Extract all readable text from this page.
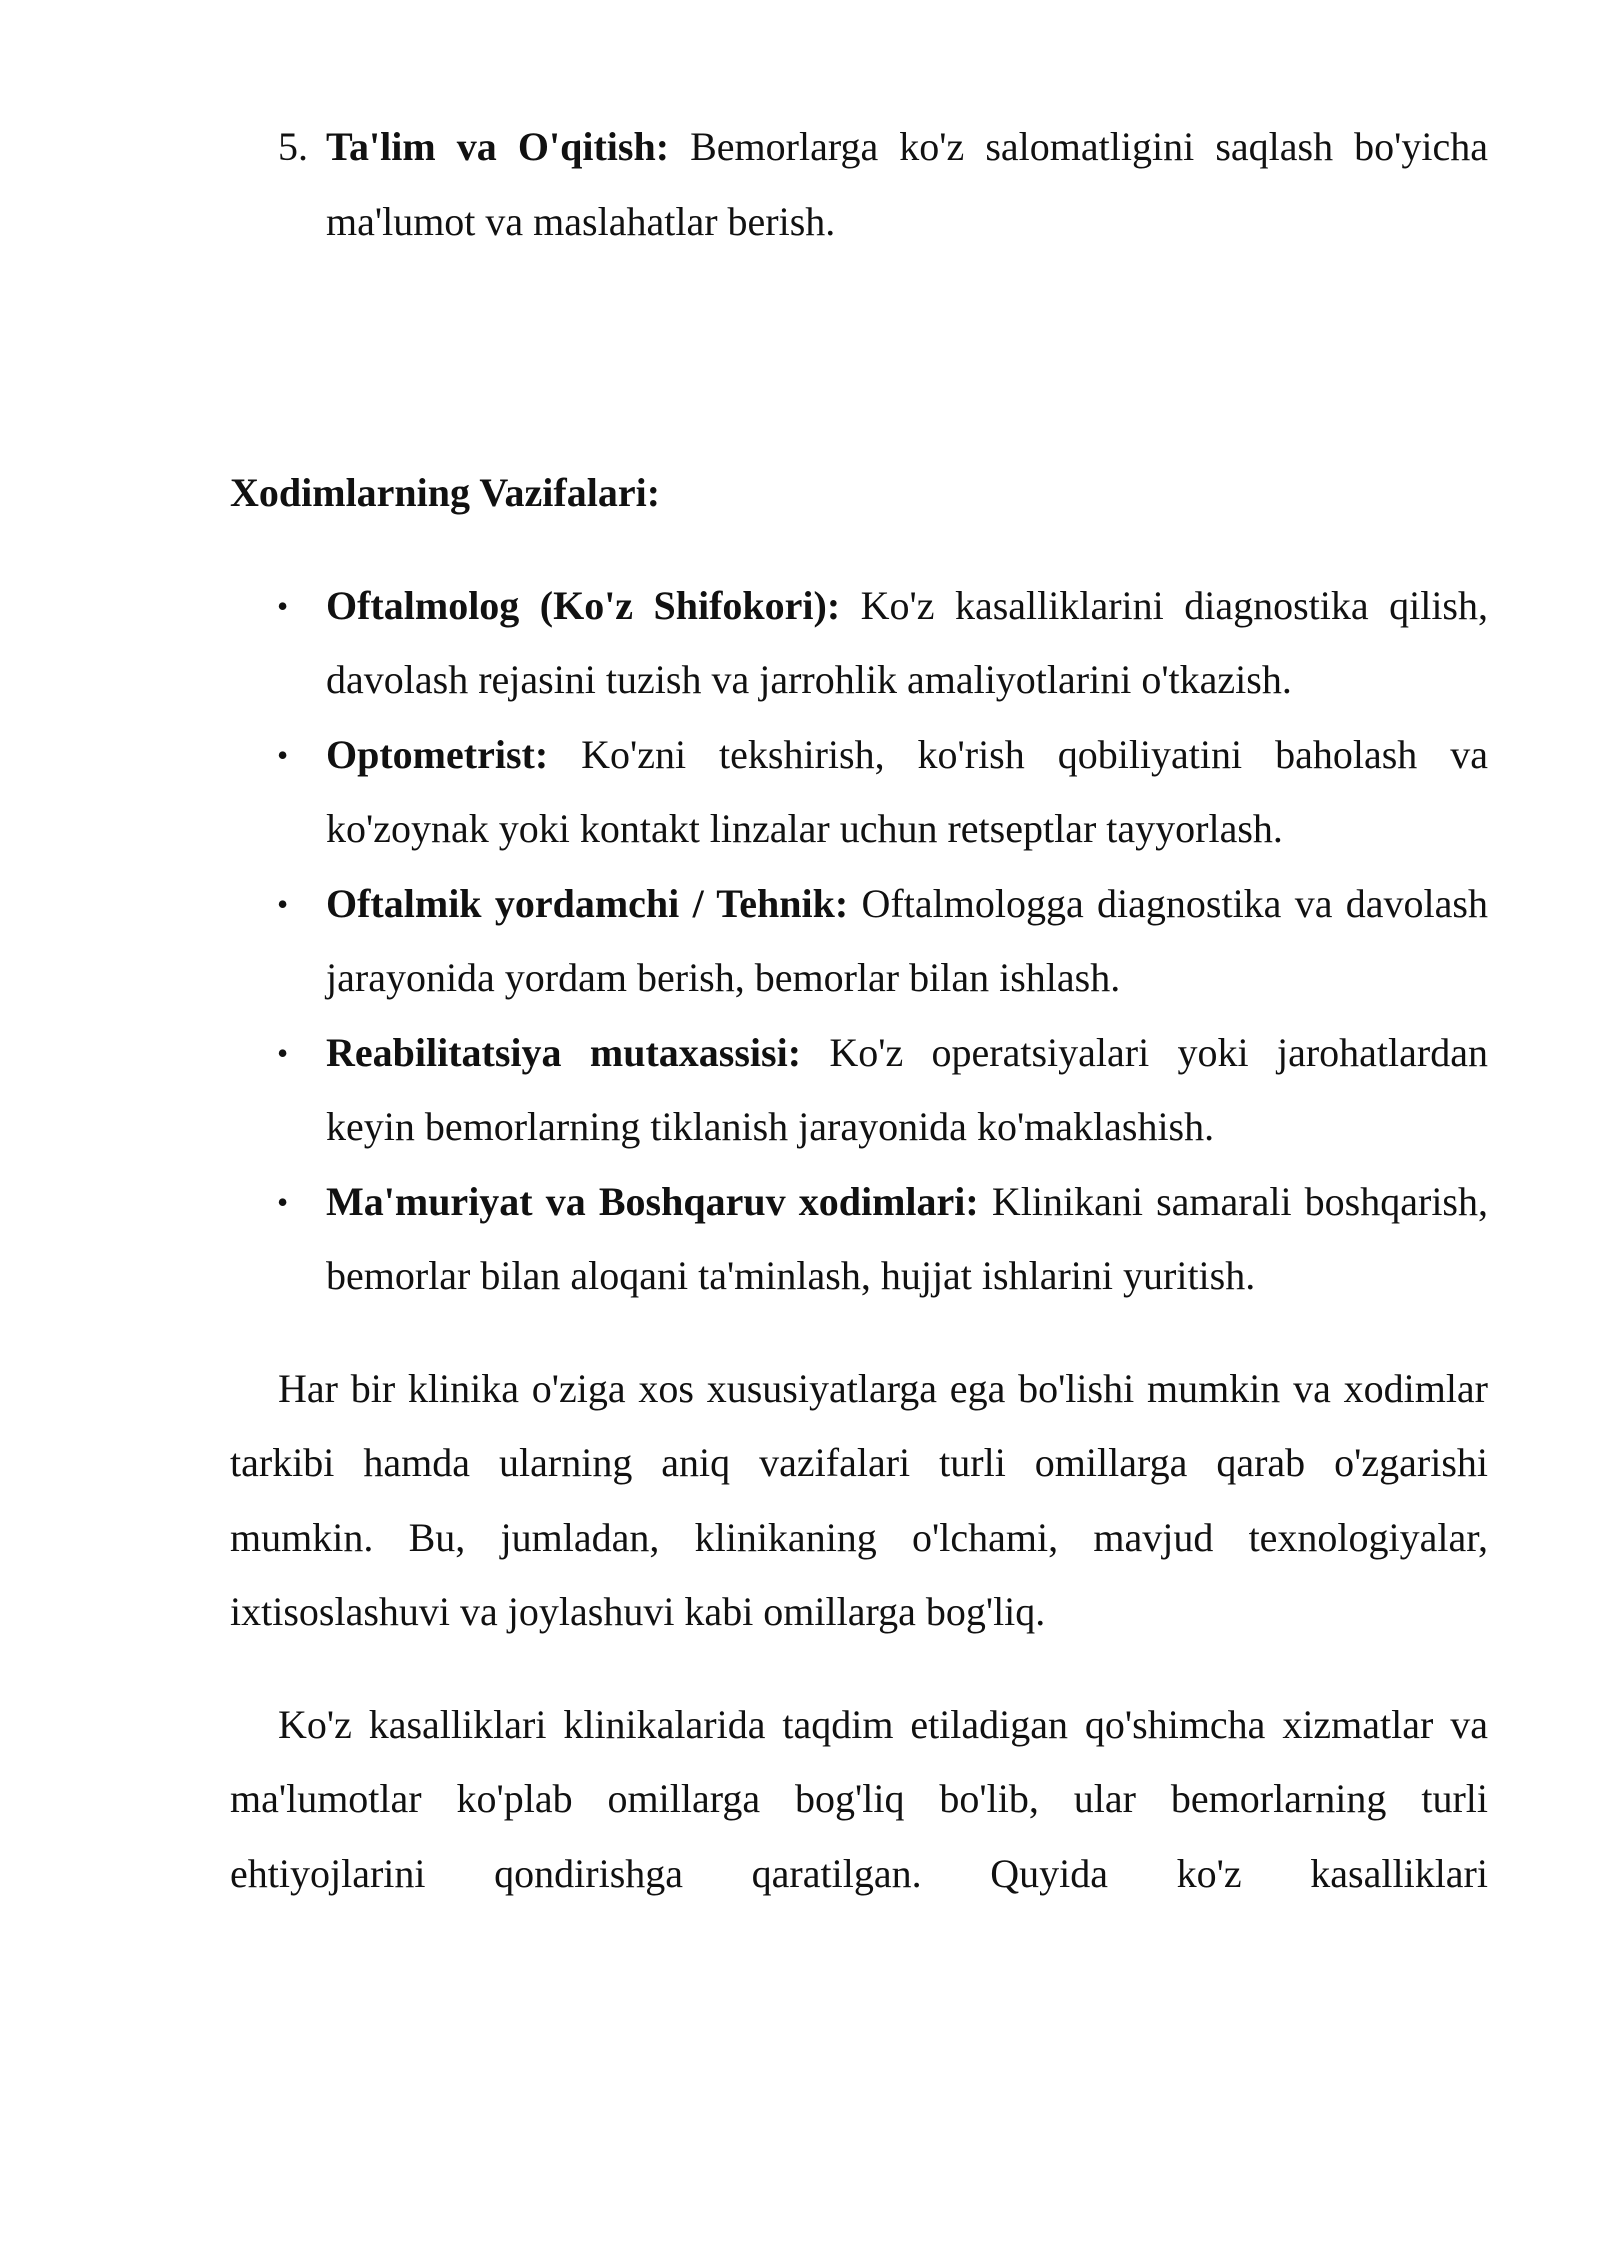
5. Ta'lim va O'qitish: Bemorlarga ko'z salomatligini saqlash bo'yicha ma'lumot va maslahatlar berish.

Xodimlarning Vazifalari:

• Oftalmolog (Ko'z Shifokori): Ko'z kasalliklarini diagnostika qilish, davolash rejasini tuzish va jarrohlik amaliyotlarini o'tkazish.
• Optometrist: Ko'zni tekshirish, ko'rish qobiliyatini baholash va ko'zoynak yoki kontakt linzalar uchun retseptlar tayyorlash.
• Oftalmik yordamchi / Tehnik: Oftalmologga diagnostika va davolash jarayonida yordam berish, bemorlar bilan ishlash.
• Reabilitatsiya mutaxassisi: Ko'z operatsiyalari yoki jarohatlardan keyin bemorlarning tiklanish jarayonida ko'maklashish.
• Ma'muriyat va Boshqaruv xodimlari: Klinikani samarali boshqarish, bemorlar bilan aloqani ta'minlash, hujjat ishlarini yuritish.

Har bir klinika o'ziga xos xususiyatlarga ega bo'lishi mumkin va xodimlar tarkibi hamda ularning aniq vazifalari turli omillarga qarab o'zgarishi mumkin. Bu, jumladan, klinikaning o'lchami, mavjud texnologiyalar, ixtisoslashuvi va joylashuvi kabi omillarga bog'liq.

Ko'z kasalliklari klinikalarida taqdim etiladigan qo'shimcha xizmatlar va ma'lumotlar ko'plab omillarga bog'liq bo'lib, ular bemorlarning turli ehtiyojlarini qondirishga qaratilgan. Quyida ko'z kasalliklari
